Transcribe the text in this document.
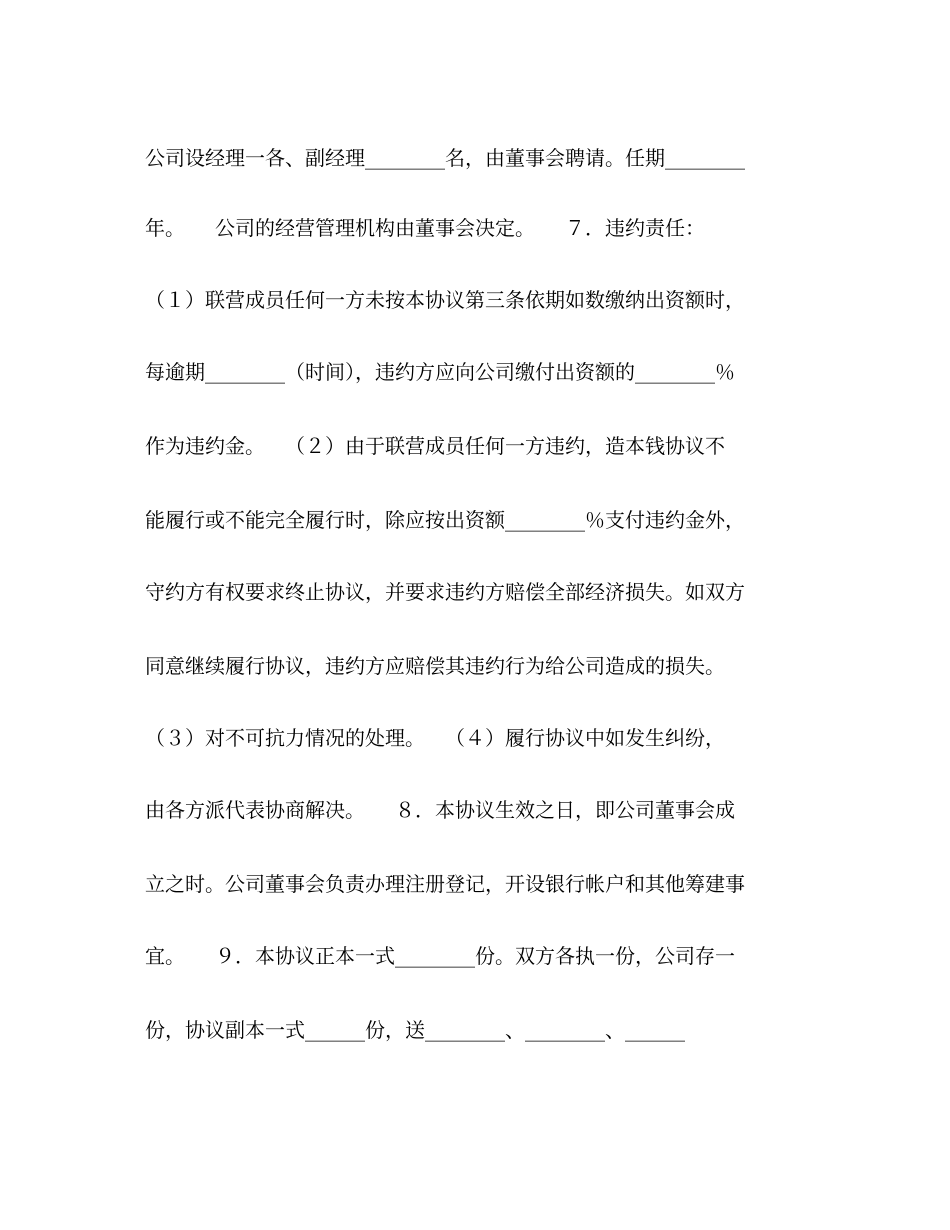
公司设经理一各、副经理________名，由董事会聘请。任期________
年。　　公司的经营管理机构由董事会决定。　　７．违约责任：
（１）联营成员任何一方未按本协议第三条依期如数缴纳出资额时，
每逾期________（时间），违约方应向公司缴付出资额的________％
作为违约金。　　（２）由于联营成员任何一方违约，造本钱协议不
能履行或不能完全履行时，除应按出资额________％支付违约金外，
守约方有权要求终止协议，并要求违约方赔偿全部经济损失。如双方
同意继续履行协议，违约方应赔偿其违约行为给公司造成的损失。
（３）对不可抗力情况的处理。　　（４）履行协议中如发生纠纷，
由各方派代表协商解决。　　８．本协议生效之日，即公司董事会成
立之时。公司董事会负责办理注册登记，开设银行帐户和其他筹建事
宜。　　９．本协议正本一式________份。双方各执一份，公司存一
份，协议副本一式______份，送________、________、______
